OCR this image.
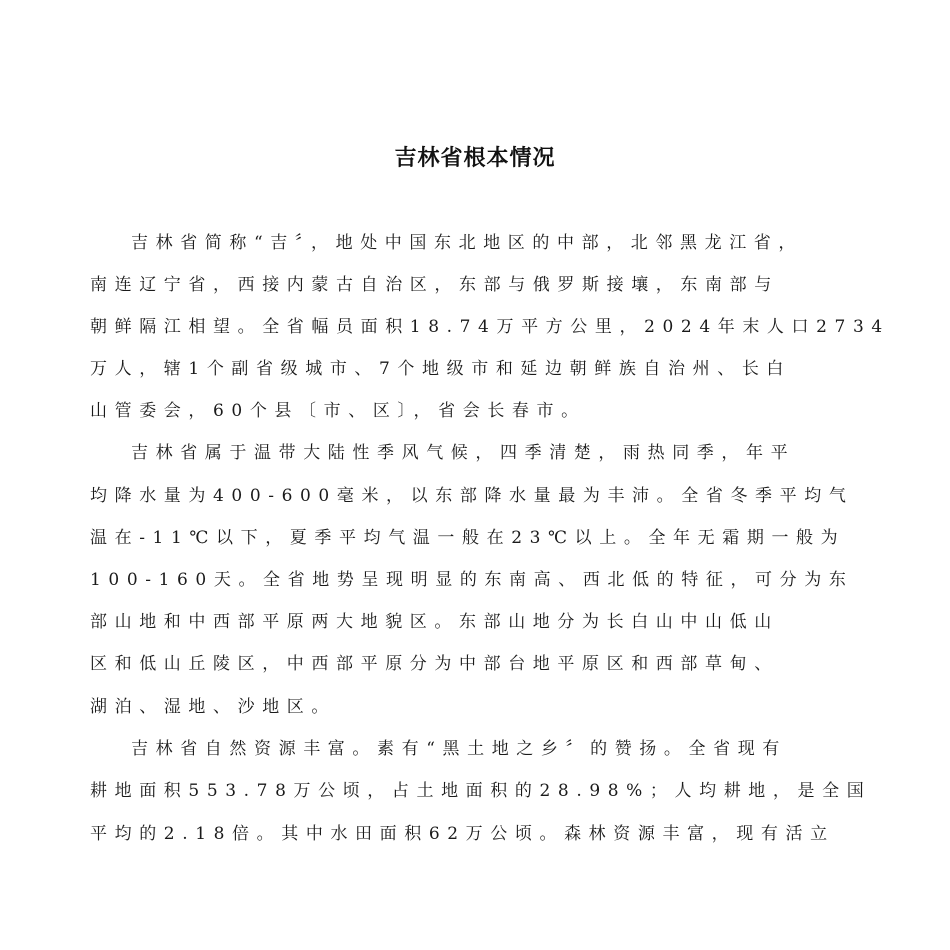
吉林省根本情况
吉林省简称“吉〞，地处中国东北地区的中部，北邻黑龙江省，
南连辽宁省，西接内蒙古自治区，东部与俄罗斯接壤，东南部与
朝鲜隔江相望。全省幅员面积18.74万平方公里，2024年末人口2734
万人，辖1个副省级城市、7个地级市和延边朝鲜族自治州、长白
山管委会，60个县〔市、区〕，省会长春市。
吉林省属于温带大陆性季风气候，四季清楚，雨热同季，年平
均降水量为400-600毫米，以东部降水量最为丰沛。全省冬季平均气
温在-11℃以下，夏季平均气温一般在23℃以上。全年无霜期一般为
100-160天。全省地势呈现明显的东南高、西北低的特征，可分为东
部山地和中西部平原两大地貌区。东部山地分为长白山中山低山
区和低山丘陵区，中西部平原分为中部台地平原区和西部草甸、
湖泊、湿地、沙地区。
吉林省自然资源丰富。素有“黑土地之乡〞的赞扬。全省现有
耕地面积553.78万公顷，占土地面积的28.98%；人均耕地，是全国
平均的2.18倍。其中水田面积62万公顷。森林资源丰富，现有活立
